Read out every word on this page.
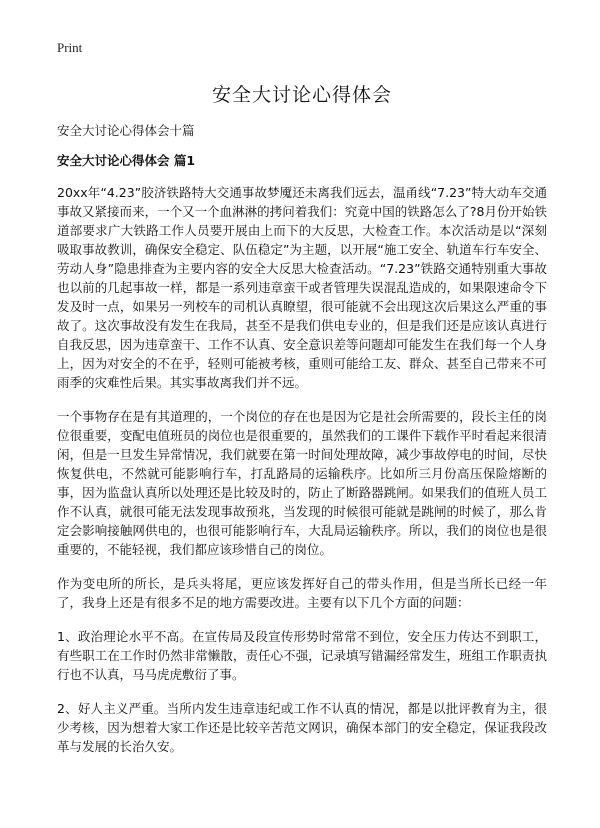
Print
安全大讨论心得体会
安全大讨论心得体会十篇
安全大讨论心得体会 篇1

20xx年“4.23”胶济铁路特大交通事故梦魇还未离我们远去，温甬线“7.23”特大动车交通事故又紧接而来，一个又一个血淋淋的拷问着我们：究竟中国的铁路怎么了?8月份开始铁道部要求广大铁路工作人员要开展由上而下的大反思，大检查工作。本次活动是以“深刻吸取事故教训，确保安全稳定、队伍稳定”为主题，以开展“施工安全、轨道车行车安全、劳动人身”隐患排查为主要内容的安全大反思大检查活动。“7.23”铁路交通特别重大事故也以前的几起事故一样，都是一系列违章蛮干或者管理失误混乱造成的，如果限速命令下发及时一点，如果另一列校车的司机认真瞭望，很可能就不会出现这次后果这么严重的事故了。这次事故没有发生在我局，甚至不是我们供电专业的，但是我们还是应该认真进行自我反思，因为违章蛮干、工作不认真、安全意识差等问题却可能发生在我们每一个人身上，因为对安全的不在乎，轻则可能被考核，重则可能给工友、群众、甚至自己带来不可雨季的灾难性后果。其实事故离我们并不远。

一个事物存在是有其道理的，一个岗位的存在也是因为它是社会所需要的，段长主任的岗位很重要，变配电值班员的岗位也是很重要的，虽然我们的工课件下载作平时看起来很清闲，但是一旦发生异常情况，我们就要在第一时间处理故障，减少事故停电的时间，尽快恢复供电，不然就可能影响行车，打乱路局的运输秩序。比如所三月份高压保险熔断的事，因为监盘认真所以处理还是比较及时的，防止了断路器跳闸。如果我们的值班人员工作不认真，就很可能无法发现事故预兆，当发现的时候很可能就是跳闸的时候了，那么肯定会影响接触网供电的，也很可能影响行车，大乱局运输秩序。所以，我们的岗位也是很重要的，不能轻视，我们都应该珍惜自己的岗位。

作为变电所的所长，是兵头将尾，更应该发挥好自己的带头作用，但是当所长已经一年了，我身上还是有很多不足的地方需要改进。主要有以下几个方面的问题：

1、政治理论水平不高。在宣传局及段宣传形势时常常不到位，安全压力传达不到职工，有些职工在工作时仍然非常懒散，责任心不强，记录填写错漏经常发生，班组工作职责执行也不认真，马马虎虎敷衍了事。

2、好人主义严重。当所内发生违章违纪或工作不认真的情况，都是以批评教育为主，很少考核，因为想着大家工作还是比较辛苦范文网识，确保本部门的安全稳定，保证我段改革与发展的长治久安。
